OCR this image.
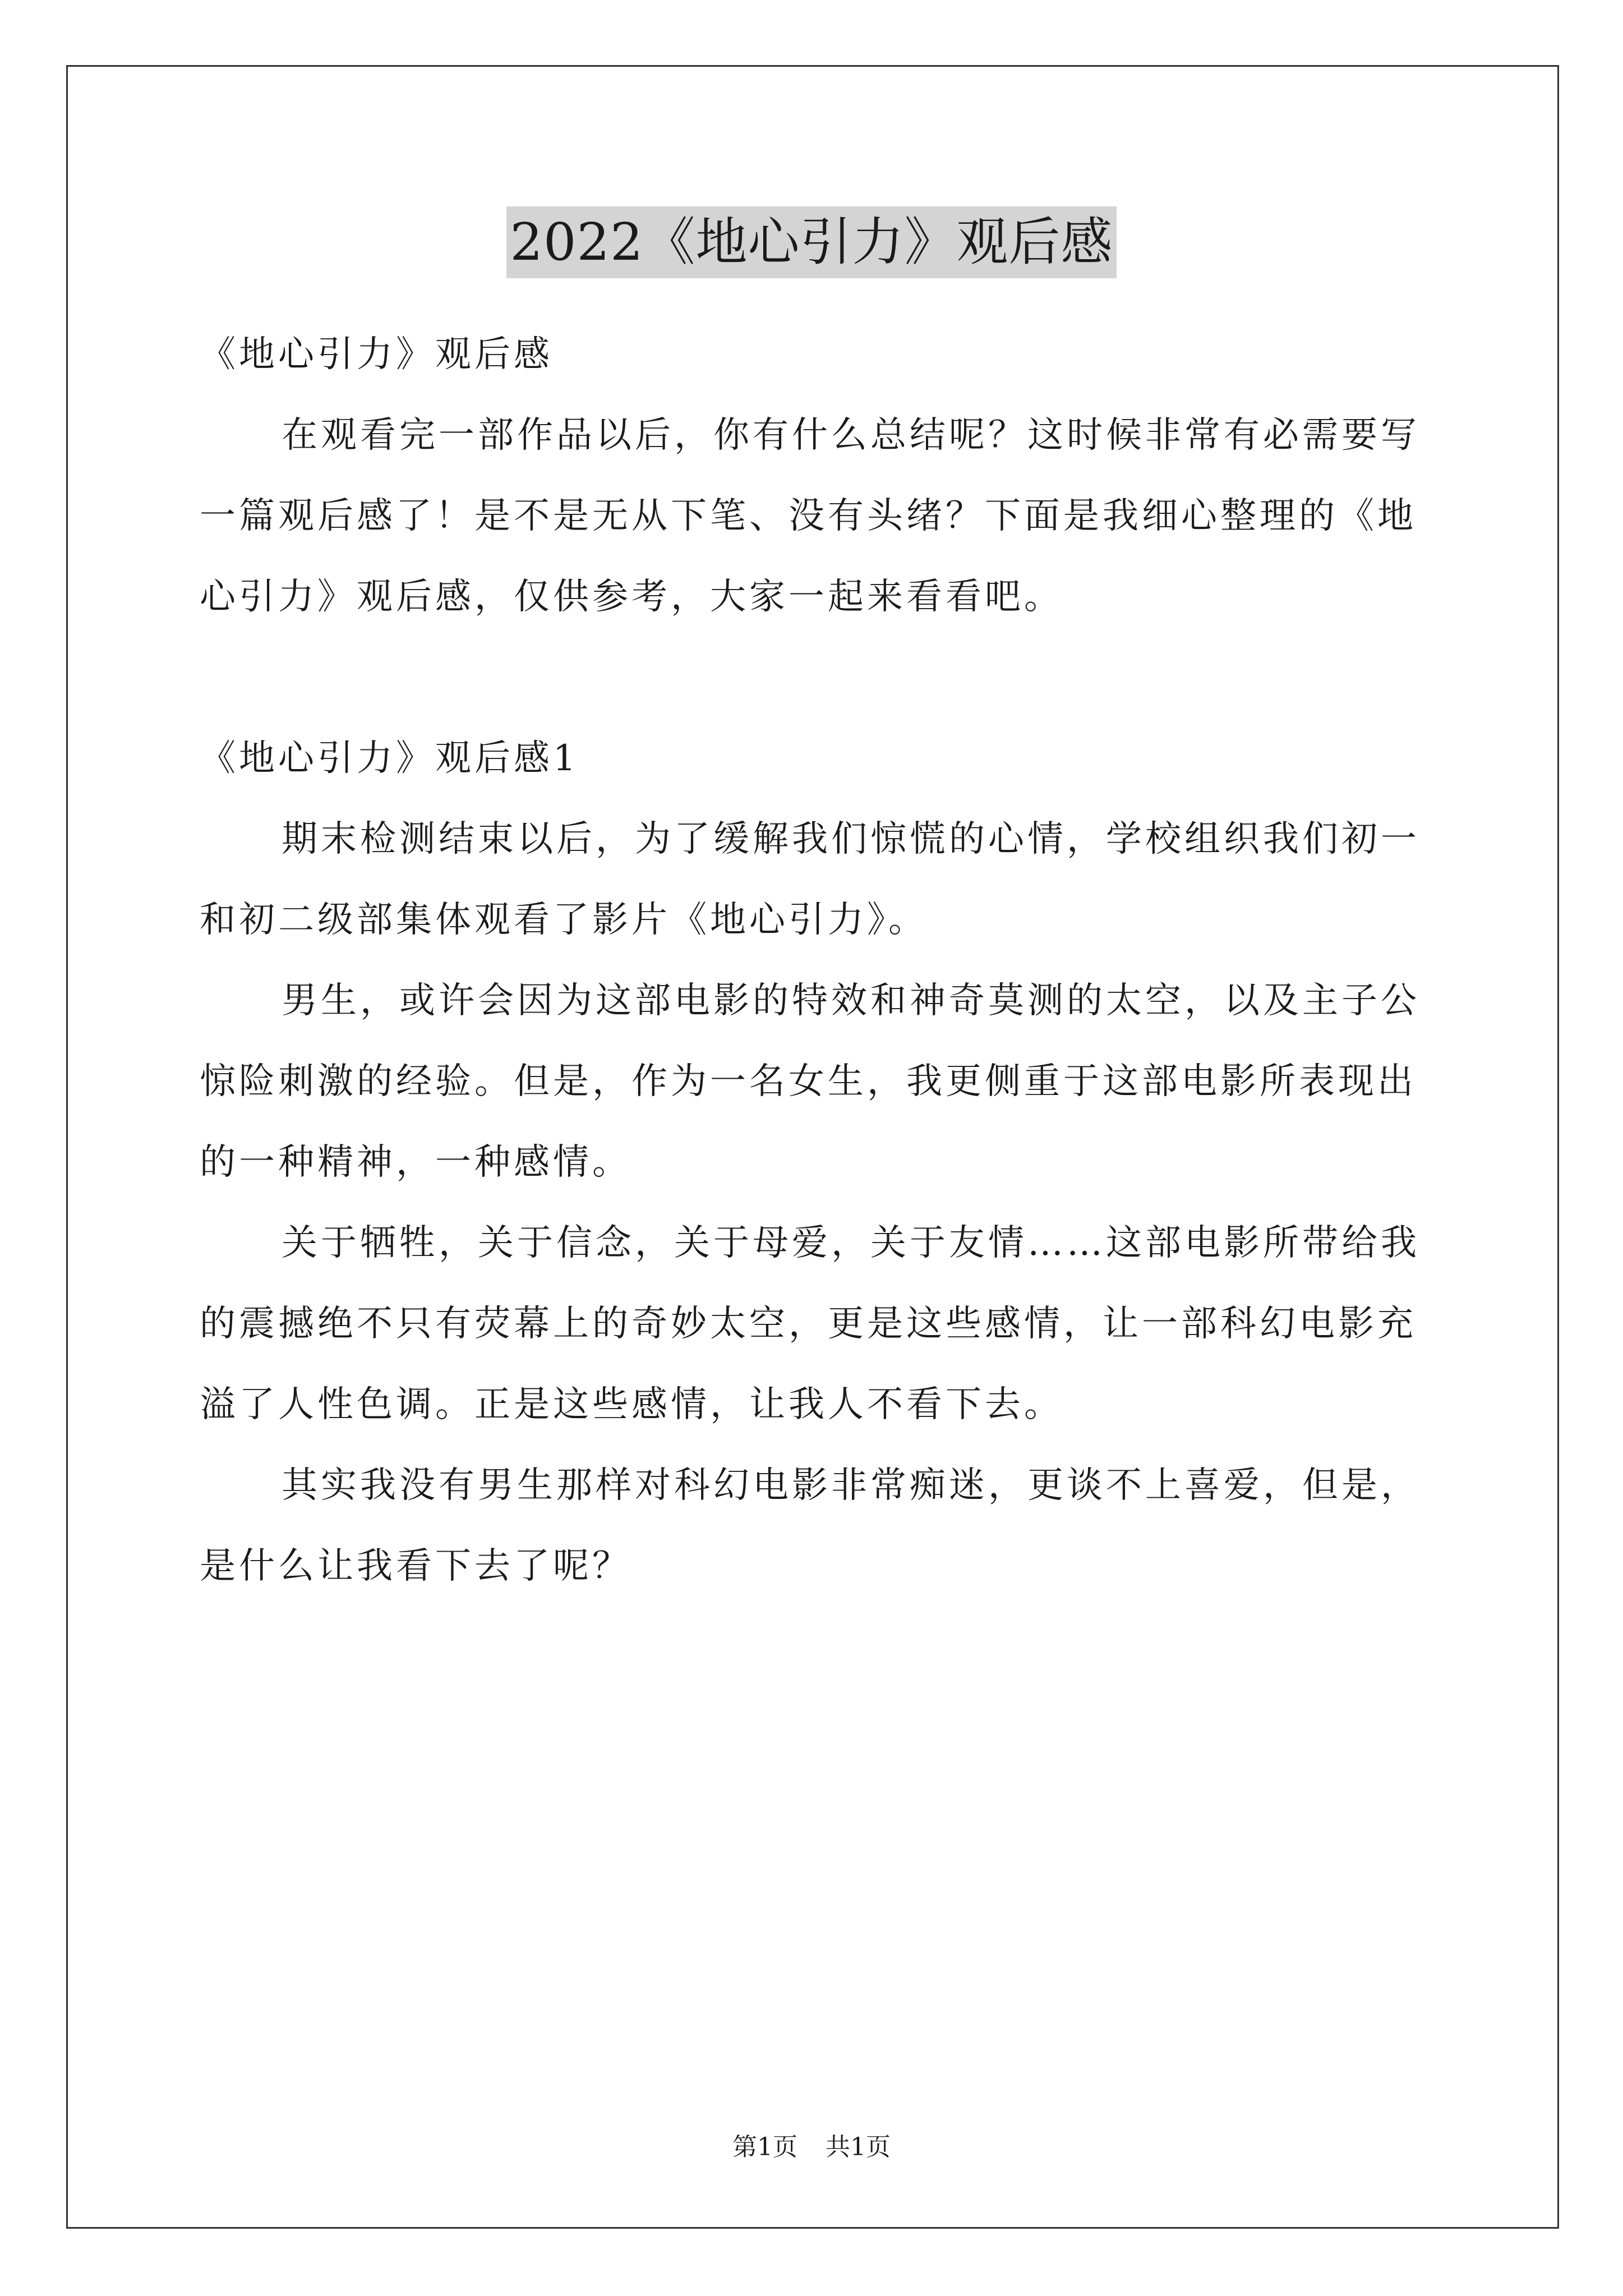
2022《地心引力》观后感

《地心引力》观后感

在观看完一部作品以后，你有什么总结呢？这时候非常有必需要写一篇观后感了！是不是无从下笔、没有头绪？下面是我细心整理的《地心引力》观后感，仅供参考，大家一起来看看吧。

《地心引力》观后感1

期末检测结束以后，为了缓解我们惊慌的心情，学校组织我们初一和初二级部集体观看了影片《地心引力》。

男生，或许会因为这部电影的特效和神奇莫测的太空，以及主子公惊险刺激的经验。但是，作为一名女生，我更侧重于这部电影所表现出的一种精神，一种感情。

关于牺牲，关于信念，关于母爱，关于友情……这部电影所带给我的震撼绝不只有荧幕上的奇妙太空，更是这些感情，让一部科幻电影充溢了人性色调。正是这些感情，让我人不看下去。

其实我没有男生那样对科幻电影非常痴迷，更谈不上喜爱，但是，是什么让我看下去了呢？

第1页 共1页
